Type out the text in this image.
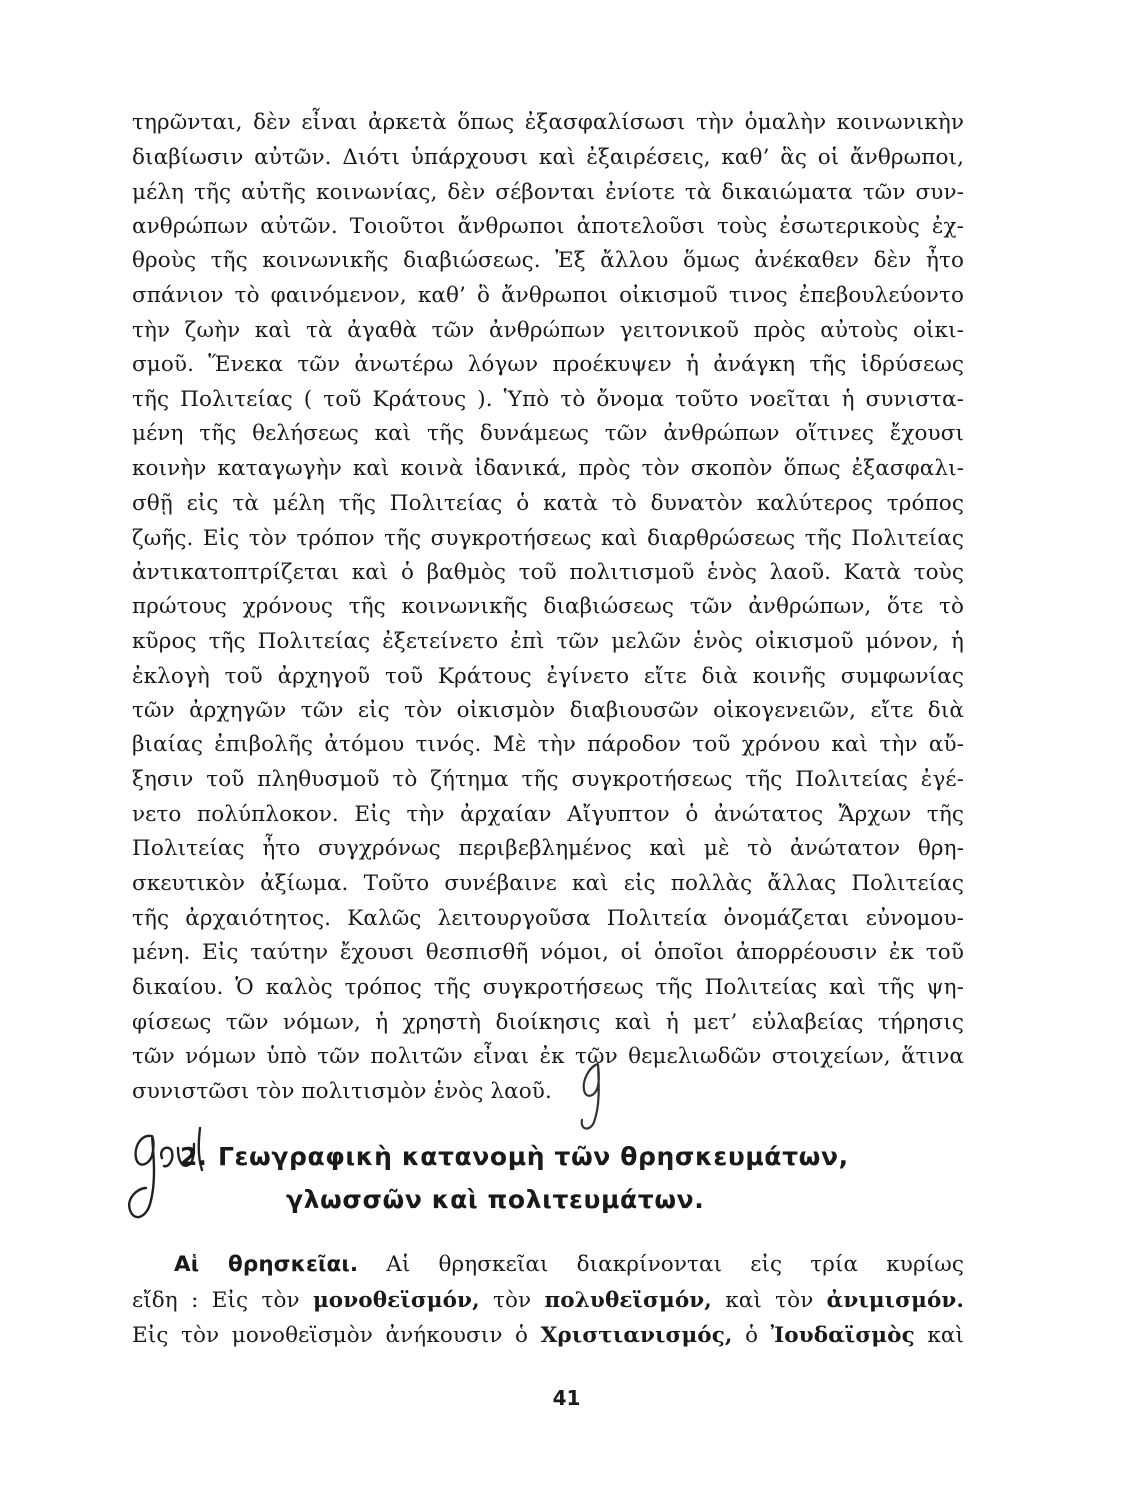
τηρῶνται, δὲν εἶναι ἀρκετὰ ὅπως ἐξασφαλίσωσι τὴν ὁμαλὴν κοινωνικὴν
διαβίωσιν αὐτῶν. Διότι ὑπάρχουσι καὶ ἐξαιρέσεις, καθ’ ἃς οἱ ἄνθρωποι,
μέλη τῆς αὐτῆς κοινωνίας, δὲν σέβονται ἐνίοτε τὰ δικαιώματα τῶν συν-
ανθρώπων αὐτῶν. Τοιοῦτοι ἄνθρωποι ἀποτελοῦσι τοὺς ἐσωτερικοὺς ἐχ-
θροὺς τῆς κοινωνικῆς διαβιώσεως. Ἐξ ἄλλου ὅμως ἀνέκαθεν δὲν ἦτο
σπάνιον τὸ φαινόμενον, καθ’ ὃ ἄνθρωποι οἰκισμοῦ τινος ἐπεβουλεύοντο
τὴν ζωὴν καὶ τὰ ἀγαθὰ τῶν ἀνθρώπων γειτονικοῦ πρὸς αὐτοὺς οἰκι-
σμοῦ. Ἕνεκα τῶν ἀνωτέρω λόγων προέκυψεν ἡ ἀνάγκη τῆς ἱδρύσεως
τῆς Πολιτείας ( τοῦ Κράτους ). Ὑπὸ τὸ ὄνομα τοῦτο νοεῖται ἡ συνιστα-
μένη τῆς θελήσεως καὶ τῆς δυνάμεως τῶν ἀνθρώπων οἵτινες ἔχουσι
κοινὴν καταγωγὴν καὶ κοινὰ ἰδανικά, πρὸς τὸν σκοπὸν ὅπως ἐξασφαλι-
σθῇ εἰς τὰ μέλη τῆς Πολιτείας ὁ κατὰ τὸ δυνατὸν καλύτερος τρόπος
ζωῆς. Εἰς τὸν τρόπον τῆς συγκροτήσεως καὶ διαρθρώσεως τῆς Πολιτείας
ἀντικατοπτρίζεται καὶ ὁ βαθμὸς τοῦ πολιτισμοῦ ἑνὸς λαοῦ. Κατὰ τοὺς
πρώτους χρόνους τῆς κοινωνικῆς διαβιώσεως τῶν ἀνθρώπων, ὅτε τὸ
κῦρος τῆς Πολιτείας ἐξετείνετο ἐπὶ τῶν μελῶν ἑνὸς οἰκισμοῦ μόνον, ἡ
ἐκλογὴ τοῦ ἀρχηγοῦ τοῦ Κράτους ἐγίνετο εἴτε διὰ κοινῆς συμφωνίας
τῶν ἀρχηγῶν τῶν εἰς τὸν οἰκισμὸν διαβιουσῶν οἰκογενειῶν, εἴτε διὰ
βιαίας ἐπιβολῆς ἀτόμου τινός. Μὲ τὴν πάροδον τοῦ χρόνου καὶ τὴν αὔ-
ξησιν τοῦ πληθυσμοῦ τὸ ζήτημα τῆς συγκροτήσεως τῆς Πολιτείας ἐγέ-
νετο πολύπλοκον. Εἰς τὴν ἀρχαίαν Αἴγυπτον ὁ ἀνώτατος Ἄρχων τῆς
Πολιτείας ἦτο συγχρόνως περιβεβλημένος καὶ μὲ τὸ ἀνώτατον θρη-
σκευτικὸν ἀξίωμα. Τοῦτο συνέβαινε καὶ εἰς πολλὰς ἄλλας Πολιτείας
τῆς ἀρχαιότητος. Καλῶς λειτουργοῦσα Πολιτεία ὀνομάζεται εὐνομου-
μένη. Εἰς ταύτην ἔχουσι θεσπισθῆ νόμοι, οἱ ὁποῖοι ἀπορρέουσιν ἐκ τοῦ
δικαίου. Ὁ καλὸς τρόπος τῆς συγκροτήσεως τῆς Πολιτείας καὶ τῆς ψη-
φίσεως τῶν νόμων, ἡ χρηστὴ διοίκησις καὶ ἡ μετ’ εὐλαβείας τήρησις
τῶν νόμων ὑπὸ τῶν πολιτῶν εἶναι ἐκ τῶν θεμελιωδῶν στοιχείων, ἅτινα
συνιστῶσι τὸν πολιτισμὸν ἑνὸς λαοῦ.
2. Γεωγραφικὴ κατανομὴ τῶν θρησκευμάτων,
γλωσσῶν καὶ πολιτευμάτων.
Αἱ θρησκεῖαι. Αἱ θρησκεῖαι διακρίνονται εἰς τρία κυρίως
εἴδη : Εἰς τὸν μονοθεϊσμόν, τὸν πολυθεϊσμόν, καὶ τὸν ἀνιμισμόν.
Εἰς τὸν μονοθεϊσμὸν ἀνήκουσιν ὁ Χριστιανισμός, ὁ Ἰουδαϊσμὸς καὶ
41
